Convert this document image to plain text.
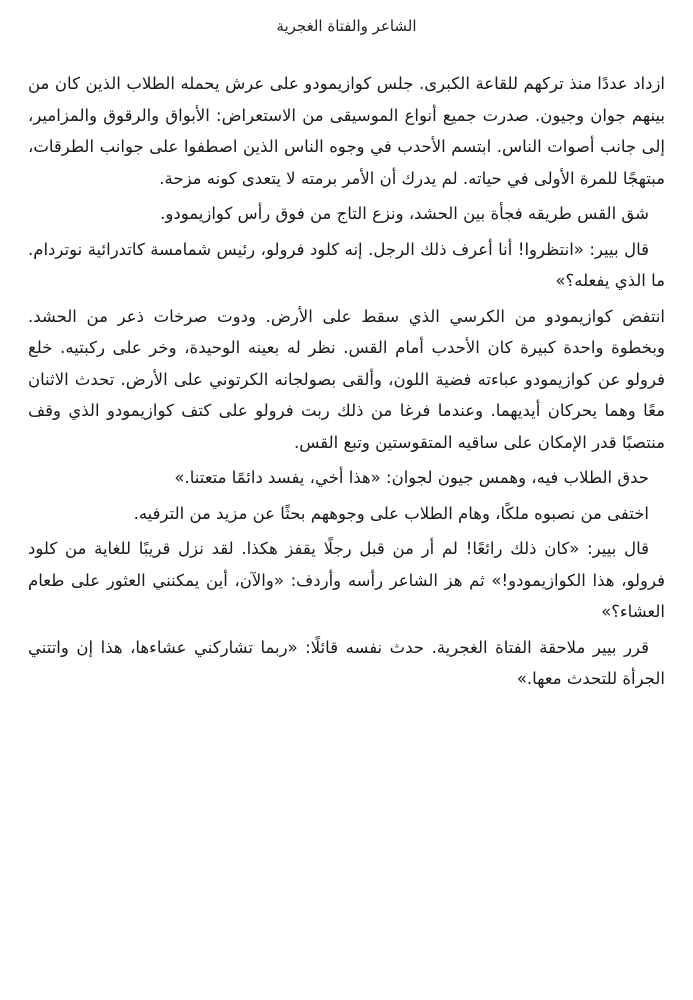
الشاعر والفتاة الغجرية

ازداد عددًا منذ تركهم للقاعة الكبرى. جلس كوازيمودو على عرش يحمله الطلاب الذين كان من بينهم جوان وجيون. صدرت جميع أنواع الموسيقى من الاستعراض: الأبواق والرقوق والمزامير، إلى جانب أصوات الناس. ابتسم الأحدب في وجوه الناس الذين اصطفوا على جوانب الطرقات، مبتهجًا للمرة الأولى في حياته. لم يدرك أن الأمر برمته لا يتعدى كونه مزحة.

شق القس طريقه فجأة بين الحشد، ونزع التاج من فوق رأس كوازيمودو.

قال بيير: «انتظروا! أنا أعرف ذلك الرجل. إنه كلود فرولو، رئيس شمامسة كاتدرائية نوتردام. ما الذي يفعله؟»

انتفض كوازيمودو من الكرسي الذي سقط على الأرض. ودوت صرخات ذعر من الحشد. وبخطوة واحدة كبيرة كان الأحدب أمام القس. نظر له بعينه الوحيدة، وخر على ركبتيه. خلع فرولو عن كوازيمودو عباءته فضية اللون، وألقى بصولجانه الكرتوني على الأرض. تحدث الاثنان معًا وهما يحركان أيديهما. وعندما فرغا من ذلك ربت فرولو على كتف كوازيمودو الذي وقف منتصبًا قدر الإمكان على ساقيه المتقوستين وتبع القس.

حدق الطلاب فيه، وهمس جيون لجوان: «هذا أخي، يفسد دائمًا متعتنا.»

اختفى من نصبوه ملكًا، وهام الطلاب على وجوههم بحثًا عن مزيد من الترفيه.

قال بيير: «كان ذلك رائعًا! لم أر من قبل رجلًا يقفز هكذا. لقد نزل قريبًا للغاية من كلود فرولو، هذا الكوازيمودو!» ثم هز الشاعر رأسه وأردف: «والآن، أين يمكنني العثور على طعام العشاء؟»

قرر بيير ملاحقة الفتاة الغجرية. حدث نفسه قائلًا: «ربما تشاركني عشاءها، هذا إن واتتني الجرأة للتحدث معها.»
